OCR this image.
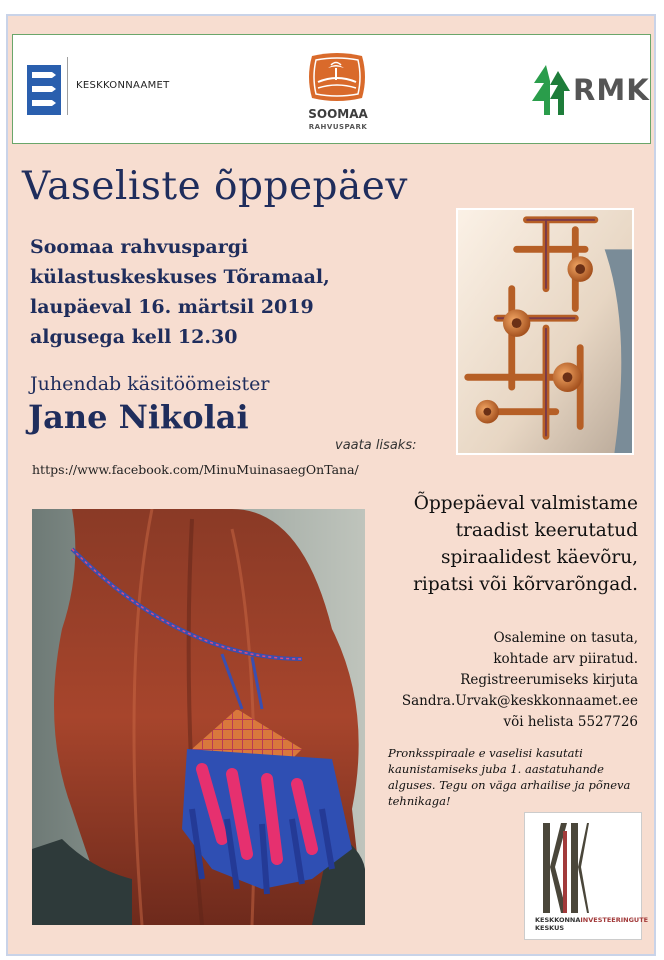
KESKKONNAAMET
SOOMAA
RAHVUSPARK
RMK
Vaseliste õppepäev
Soomaa rahvuspargi
külastuskeskuses Tõramaal,
laupäeval 16. märtsil 2019
algusega kell 12.30
Juhendab käsitöömeister
Jane Nikolai
vaata lisaks:
https://www.facebook.com/MinuMuinasaegOnTana/
Õppepäeval valmistame
traadist keerutatud
spiraalidest käevõru,
ripatsi või kõrvarõngad.
Osalemine on tasuta,
kohtade arv piiratud.
Registreerumiseks kirjuta
Sandra.Urvak@keskkonnaamet.ee
või helista 5527726
Pronksspiraale e vaselisi kasutati kaunistamiseks juba 1. aastatuhande alguses. Tegu on väga arhailise ja põneva tehnikaga!
KESKKONNAINVESTEERINGUTE
KESKUS
